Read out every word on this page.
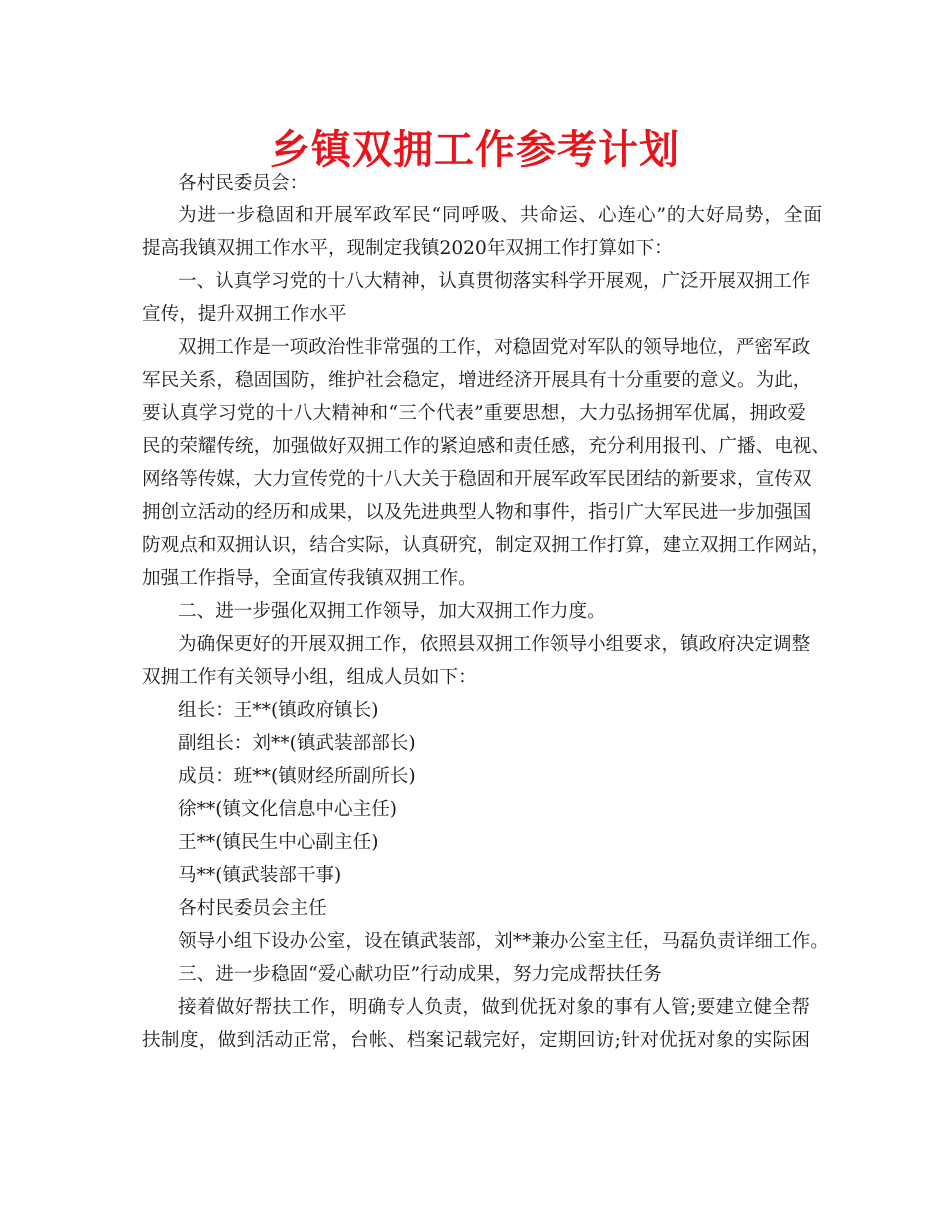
乡镇双拥工作参考计划
各村民委员会：
为进一步稳固和开展军政军民“同呼吸、共命运、心连心”的大好局势，全面
提高我镇双拥工作水平，现制定我镇2020年双拥工作打算如下：
一、认真学习党的十八大精神，认真贯彻落实科学开展观，广泛开展双拥工作
宣传，提升双拥工作水平
双拥工作是一项政治性非常强的工作，对稳固党对军队的领导地位，严密军政
军民关系，稳固国防，维护社会稳定，增进经济开展具有十分重要的意义。为此，
要认真学习党的十八大精神和“三个代表”重要思想，大力弘扬拥军优属，拥政爱
民的荣耀传统，加强做好双拥工作的紧迫感和责任感，充分利用报刊、广播、电视、
网络等传媒，大力宣传党的十八大关于稳固和开展军政军民团结的新要求，宣传双
拥创立活动的经历和成果，以及先进典型人物和事件，指引广大军民进一步加强国
防观点和双拥认识，结合实际，认真研究，制定双拥工作打算，建立双拥工作网站，
加强工作指导，全面宣传我镇双拥工作。
二、进一步强化双拥工作领导，加大双拥工作力度。
为确保更好的开展双拥工作，依照县双拥工作领导小组要求，镇政府决定调整
双拥工作有关领导小组，组成人员如下：
组长：王**(镇政府镇长)
副组长：刘**(镇武装部部长)
成员：班**(镇财经所副所长)
徐**(镇文化信息中心主任)
王**(镇民生中心副主任)
马**(镇武装部干事)
各村民委员会主任
领导小组下设办公室，设在镇武装部，刘**兼办公室主任，马磊负责详细工作。
三、进一步稳固“爱心献功臣”行动成果，努力完成帮扶任务
接着做好帮扶工作，明确专人负责，做到优抚对象的事有人管;要建立健全帮
扶制度，做到活动正常，台帐、档案记载完好，定期回访;针对优抚对象的实际困
